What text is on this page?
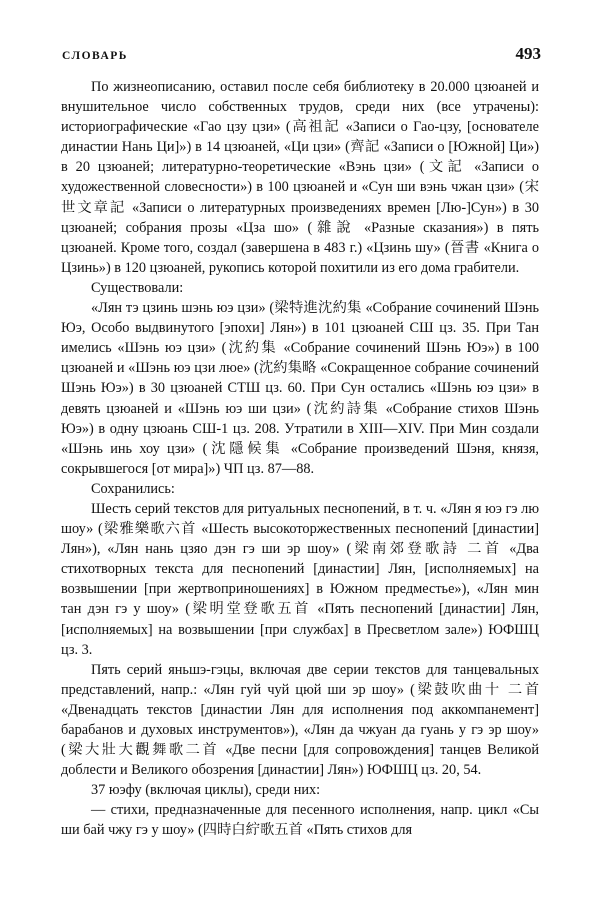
СЛОВАРЬ	493

По жизнеописанию, оставил после себя библиотеку в 20.000 цзюаней и внушительное число собственных трудов, среди них (все утрачены): историографические «Гао цзу цзи» (高祖記 «Записи о Гао-цзу, [основателе династии Нань Ци]») в 14 цзюаней, «Ци цзи» (齊記 «Записи о [Южной] Ци») в 20 цзюаней; литературно-теоретические «Вэнь цзи» (文記 «Записи о художественной словесности») в 100 цзюаней и «Сун ши вэнь чжан цзи» (宋世文章記 «Записи о литературных произведениях времен [Лю-]Сун») в 30 цзюаней; собрания прозы «Цза шо» (雜說 «Разные сказания») в пять цзюаней. Кроме того, создал (завершена в 483 г.) «Цзинь шу» (晉書 «Книга о Цзинь») в 120 цзюаней, рукопись которой похитили из его дома грабители.

Существовали:

«Лян тэ цзинь шэнь юэ цзи» (梁特進沈約集 «Собрание сочинений Шэнь Юэ, Особо выдвинутого [эпохи] Лян») в 101 цзюаней СШ цз. 35. При Тан имелись «Шэнь юэ цзи» (沈約集 «Собрание сочинений Шэнь Юэ») в 100 цзюаней и «Шэнь юэ цзи люе» (沈約集略 «Сокращенное собрание сочинений Шэнь Юэ») в 30 цзюаней СТШ цз. 60. При Сун остались «Шэнь юэ цзи» в девять цзюаней и «Шэнь юэ ши цзи» (沈約詩集 «Собрание стихов Шэнь Юэ») в одну цзюань СШ-1 цз. 208. Утратили в XIII—XIV. При Мин создали «Шэнь инь хоу цзи» (沈隱候集 «Собрание произведений Шэня, князя, сокрывшегося [от мира]») ЧП цз. 87—88.

Сохранились:

Шесть серий текстов для ритуальных песнопений, в т. ч. «Лян я юэ гэ лю шоу» (梁雅樂歌六首 «Шесть высокоторжественных песнопений [династии] Лян»), «Лян нань цзяо дэн гэ ши эр шоу» (梁南郊登歌詩 二首 «Два стихотворных текста для песнопений [династии] Лян, [исполняемых] на возвышении [при жертвоприношениях] в Южном предместье»), «Лян мин тан дэн гэ у шоу» (梁明堂登歌五首 «Пять песнопений [династии] Лян, [исполняемых] на возвышении [при службах] в Пресветлом зале») ЮФШЦ цз. 3.

Пять серий яньшэ-гэцы, включая две серии текстов для танцевальных представлений, напр.: «Лян гуй чуй цюй ши эр шоу» (梁鼓吹曲十 二首 «Двенадцать текстов [династии Лян для исполнения под аккомпанемент] барабанов и духовых инструментов»), «Лян да чжуан да гуань у гэ эр шоу» (梁大壯大觀舞歌二首 «Две песни [для сопровождения] танцев Великой доблести и Великого обозрения [династии] Лян») ЮФШЦ цз. 20, 54.

37 юэфу (включая циклы), среди них:

— стихи, предназначенные для песенного исполнения, напр. цикл «Сы ши бай чжу гэ у шоу» (四時白紵歌五首 «Пять стихов для
